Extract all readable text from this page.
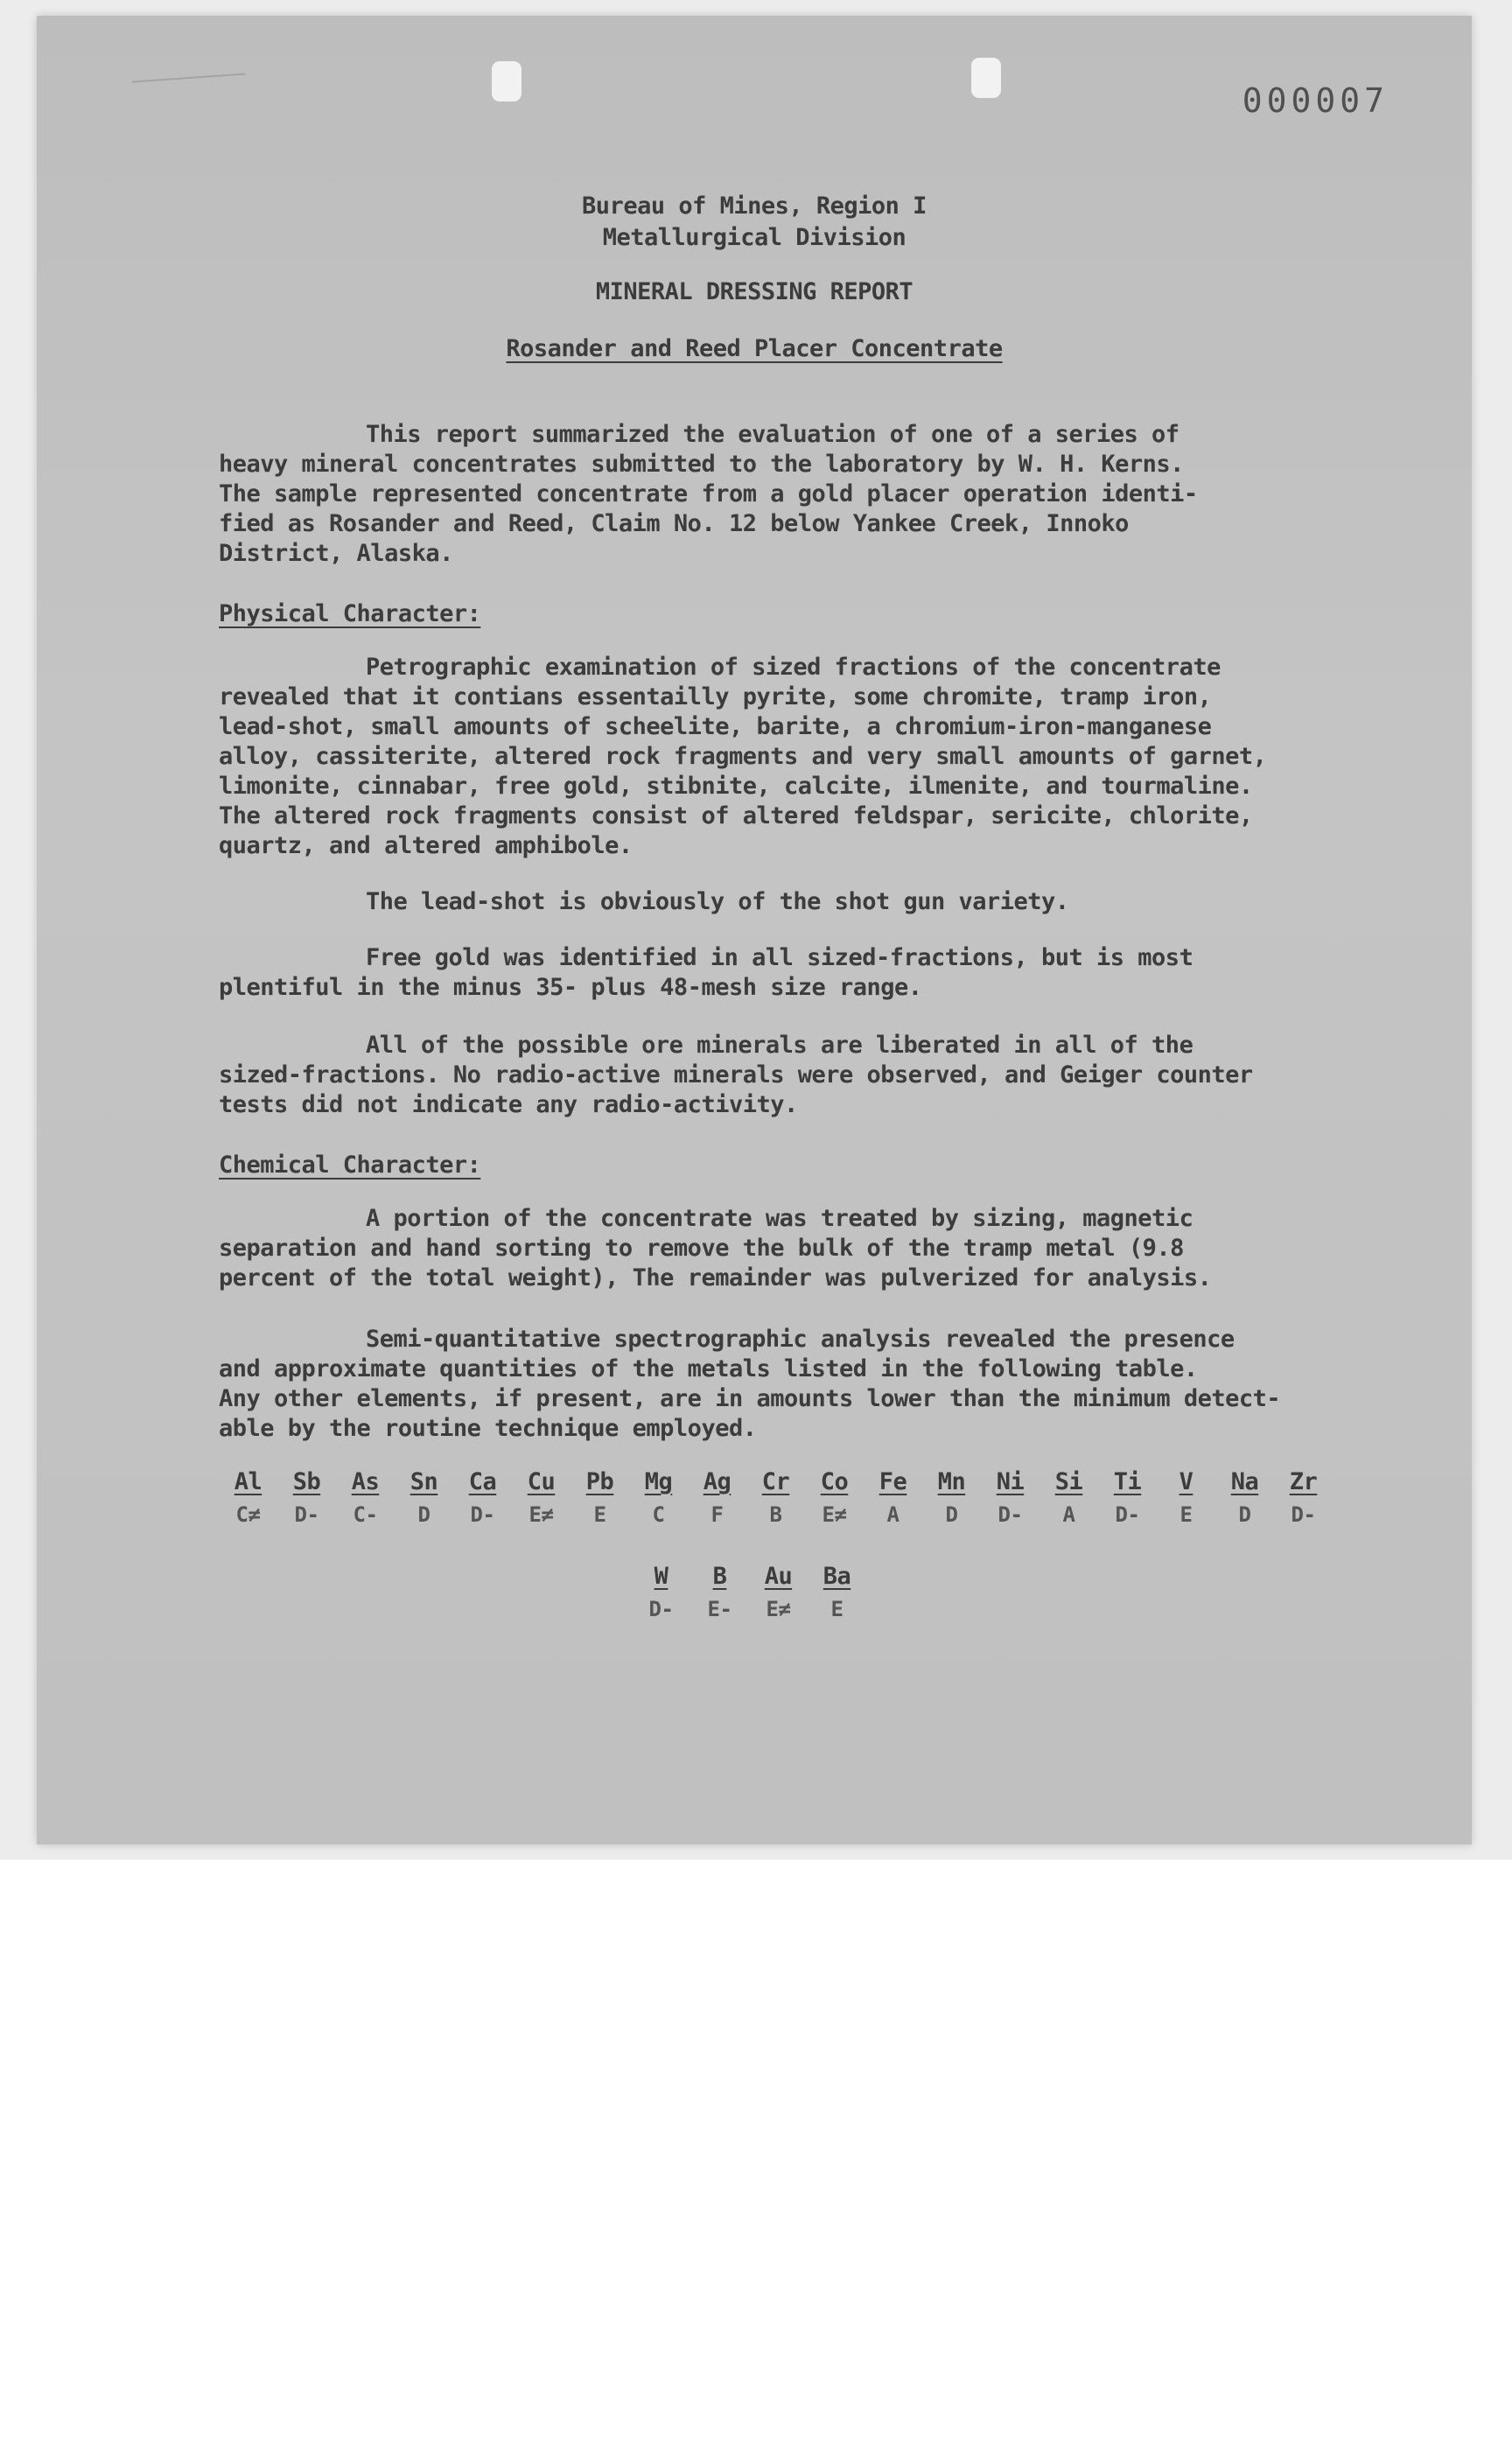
000007
Bureau of Mines, Region I
Metallurgical Division
MINERAL DRESSING REPORT
Rosander and Reed Placer Concentrate

This report summarized the evaluation of one of a series of
heavy mineral concentrates submitted to the laboratory by W. H. Kerns.
The sample represented concentrate from a gold placer operation identi-
fied as Rosander and Reed, Claim No. 12 below Yankee Creek, Innoko
District, Alaska.

Physical Character:

Petrographic examination of sized fractions of the concentrate
revealed that it contians essentailly pyrite, some chromite, tramp iron,
lead-shot, small amounts of scheelite, barite, a chromium-iron-manganese
alloy, cassiterite, altered rock fragments and very small amounts of garnet,
limonite, cinnabar, free gold, stibnite, calcite, ilmenite, and tourmaline.
The altered rock fragments consist of altered feldspar, sericite, chlorite,
quartz, and altered amphibole.

The lead-shot is obviously of the shot gun variety.

Free gold was identified in all sized-fractions, but is most
plentiful in the minus 35- plus 48-mesh size range.

All of the possible ore minerals are liberated in all of the
sized-fractions. No radio-active minerals were observed, and Geiger counter
tests did not indicate any radio-activity.

Chemical Character:

A portion of the concentrate was treated by sizing, magnetic
separation and hand sorting to remove the bulk of the tramp metal (9.8
percent of the total weight), The remainder was pulverized for analysis.

Semi-quantitative spectrographic analysis revealed the presence
and approximate quantities of the metals listed in the following table.
Any other elements, if present, are in amounts lower than the minimum detect-
able by the routine technique employed.

Al
C≠
Sb
D-
As
C-
Sn
D
Ca
D-
Cu
E≠
Pb
E
Mg
C
Ag
F
Cr
B
Co
E≠
Fe
A
Mn
D
Ni
D-
Si
A
Ti
D-
V
E
Na
D
Zr
D-
W
D-
B
E-
Au
E≠
Ba
E
